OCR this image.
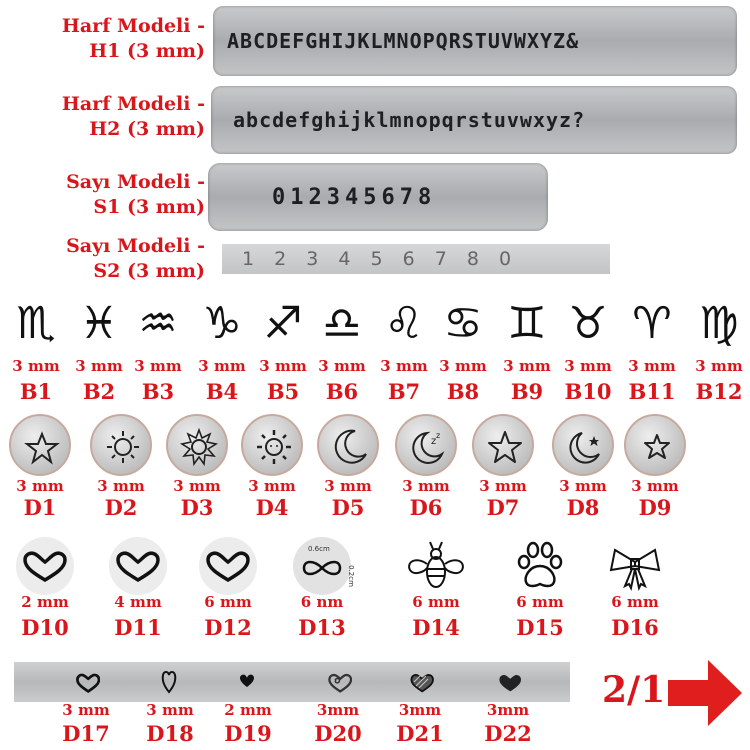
Harf Modeli -
H1 (3 mm) ABCDEFGHIJKLMNOPQRSTUVWXYZ&
Harf Modeli -
H2 (3 mm) abcdefghijklmnopqrstuvwxyz?
Sayı Modeli -
S1 (3 mm)	012345678
Sayı Modeli -
S2 (3 mm)
1 2 3 4 5 6 7 8 0
♏
3 mm
B1
♓
3 mm
B2
♒
3 mm
B3
♑
3 mm
B4
♐
3 mm
B5
♎
3 mm
B6
♌
3 mm
B7
♋
3 mm
B8
♊
3 mm
B9
♉
3 mm
B10
♈
3 mm
B11
♍
3 mm
B12
3 mm
D1
3 mm
D2
3 mm
D3
3 mm
D4
3 mm
D5
z
z
3 mm
D6
3 mm
D7
3 mm
D8
3 mm
D9
2 mm
D10
4 mm
D11
6 mm
D12
0.6cm
0.2cm
6 nm
D13
6 mm
D14
6 mm
D15
6 mm
D16
3 mm
D17
3 mm
D18
2 mm
D19
3mm
D20
3mm
D21
3mm
D22
2/1
